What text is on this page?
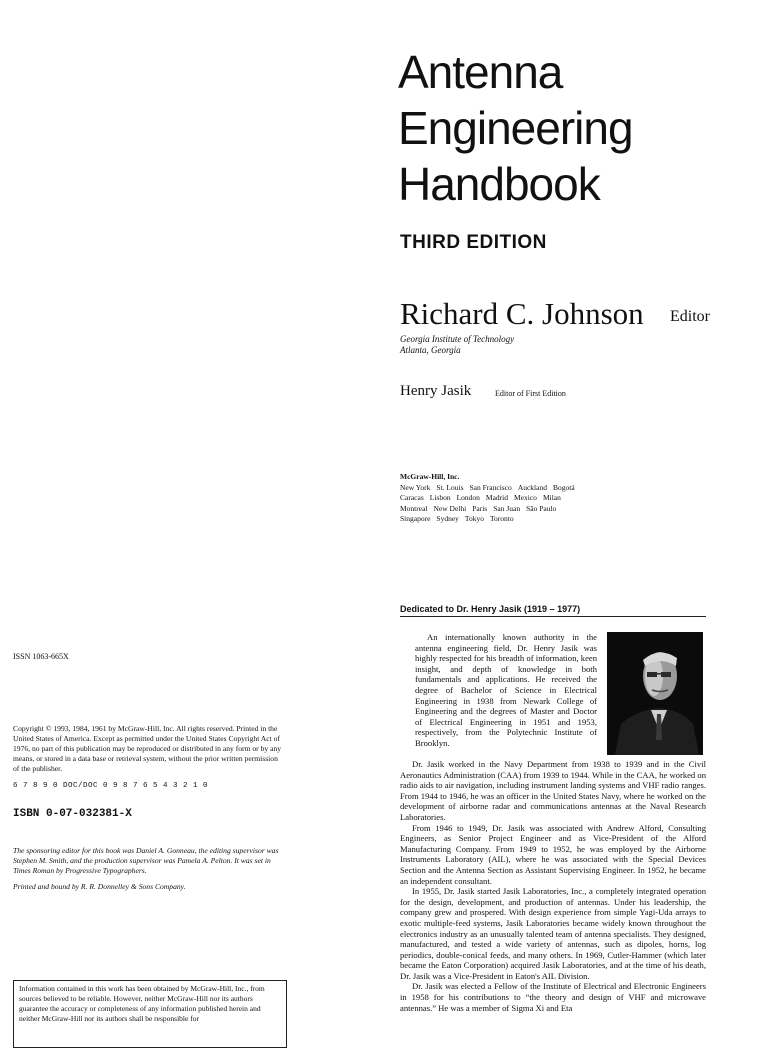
Antenna
Engineering
Handbook
THIRD EDITION
Richard C. Johnson Editor
Georgia Institute of Technology
Atlanta, Georgia
Henry Jasik	Editor of First Edition
McGraw-Hill, Inc.
New York St. Louis San Francisco Auckland Bogotá
Caracas Lisbon London Madrid Mexico Milan
Montreal New Delhi Paris San Juan São Paulo
Singapore Sydney Tokyo Toronto
Dedicated to Dr. Henry Jasik (1919 – 1977)

An internationally known authority in the antenna engineering field, Dr. Henry Jasik was highly respected for his breadth of information, keen insight, and depth of knowledge in both fundamentals and applications. He received the degree of Bachelor of Science in Electrical Engineering in 1938 from Newark College of Engineering and the degrees of Master and Doctor of Electrical Engineering in 1951 and 1953, respectively, from the Polytechnic Institute of Brooklyn.

Dr. Jasik worked in the Navy Department from 1938 to 1939 and in the Civil Aeronautics Administration (CAA) from 1939 to 1944. While in the CAA, he worked on radio aids to air navigation, including instrument landing systems and VHF radio ranges. From 1944 to 1946, he was an officer in the United States Navy, where he worked on the development of airborne radar and communications antennas at the Naval Research Laboratories.

From 1946 to 1949, Dr. Jasik was associated with Andrew Alford, Consulting Engineers, as Senior Project Engineer and as Vice-President of the Alford Manufacturing Company. From 1949 to 1952, he was employed by the Airborne Instruments Laboratory (AIL), where he was associated with the Special Devices Section and the Antenna Section as Assistant Supervising Engineer. In 1952, he became an independent consultant.

In 1955, Dr. Jasik started Jasik Laboratories, Inc., a completely integrated operation for the design, development, and production of antennas. Under his leadership, the company grew and prospered. With design experience from simple Yagi-Uda arrays to exotic multiple-feed systems, Jasik Laboratories became widely known throughout the electronics industry as an unusually talented team of antenna specialists. They designed, manufactured, and tested a wide variety of antennas, such as dipoles, horns, log periodics, double-conical feeds, and many others. In 1969, Cutler-Hammer (which later became the Eaton Corporation) acquired Jasik Laboratories, and at the time of his death, Dr. Jasik was a Vice-President in Eaton's AIL Division.

Dr. Jasik was elected a Fellow of the Institute of Electrical and Electronic Engineers in 1958 for his contributions to “the theory and design of VHF and microwave antennas.” He was a member of Sigma Xi and Eta

ISSN 1063-665X
Copyright © 1993, 1984, 1961 by McGraw-Hill, Inc. All rights reserved. Printed in the United States of America. Except as permitted under the United States Copyright Act of 1976, no part of this publication may be reproduced or distributed in any form or by any means, or stored in a data base or retrieval system, without the prior written permission of the publisher.
6 7 8 9 0 DOC/DOC 0 9 8 7 6 5 4 3 2 1 0
ISBN 0-07-032381-X
The sponsoring editor for this book was Daniel A. Gonneau, the editing supervisor was Stephen M. Smith, and the production supervisor was Pamela A. Pelton. It was set in Times Roman by Progressive Typographers.
Printed and bound by R. R. Donnelley & Sons Company.
Information contained in this work has been obtained by McGraw-Hill, Inc., from sources believed to be reliable. However, neither McGraw-Hill nor its authors guarantee the accuracy or completeness of any information published herein and neither McGraw-Hill nor its authors shall be responsible for
